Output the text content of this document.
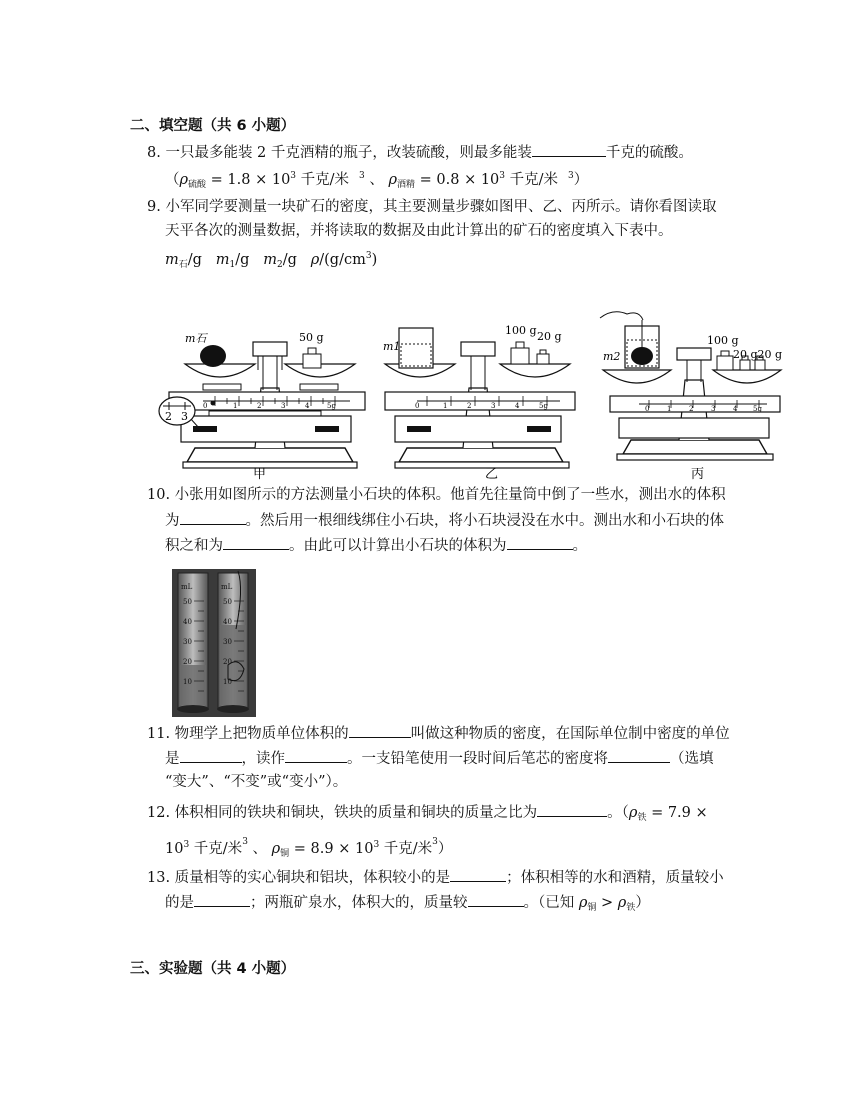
二、填空题（共 6 小题）
8. 一只最多能装 2 千克酒精的瓶子，改装硫酸，则最多能装	千克的硫酸。
（$\rho_{硫酸} = 1.8 \times 10^3$ 千克/米 $^3$ 、 $\rho_{酒精} = 0.8 \times 10^3$ 千克/米 $^3$）
9. 小军同学要测量一块矿石的密度，其主要测量步骤如图甲、乙、丙所示。请你看图读取
天平各次的测量数据，并将读取的数据及由此计算出的矿石的密度填入下表中。
$m_石/g$ $m_1/g$ $m_2/g$ $\rho/(g/cm^3)$
m石	50 g
0	1	2	3	4	5g
2 3
甲
m1
100 g 20 g
0	1	2	3	4	5g
乙
m2
100 g
20 g20 g
0	1	2	3	4 5g
丙
10. 小张用如图所示的方法测量小石块的体积。他首先往量筒中倒了一些水，测出水的体积
为	。然后用一根细线绑住小石块，将小石块浸没在水中。测出水和小石块的体
积之和为	。由此可以计算出小石块的体积为	。
mL
50
40
30
20
10
mL
50
40
30
20
10
11. 物理学上把物质单位体积的	叫做这种物质的密度，在国际单位制中密度的单位
是	，读作	。一支铅笔使用一段时间后笔芯的密度将	（选填
“变大”、“不变”或“变小”）。
12. 体积相同的铁块和铜块，铁块的质量和铜块的质量之比为	。（$\rho_铁 = 7.9$ ×
$10^3$ 千克/米$^3$ 、 $\rho_铜 = 8.9 \times 10^3$ 千克/米$^3$）
13. 质量相等的实心铜块和铝块，体积较小的是	；体积相等的水和酒精，质量较小
的是	；两瓶矿泉水，体积大的，质量较	。（已知 $\rho_铜 > \rho_铁$）
三、实验题（共 4 小题）
